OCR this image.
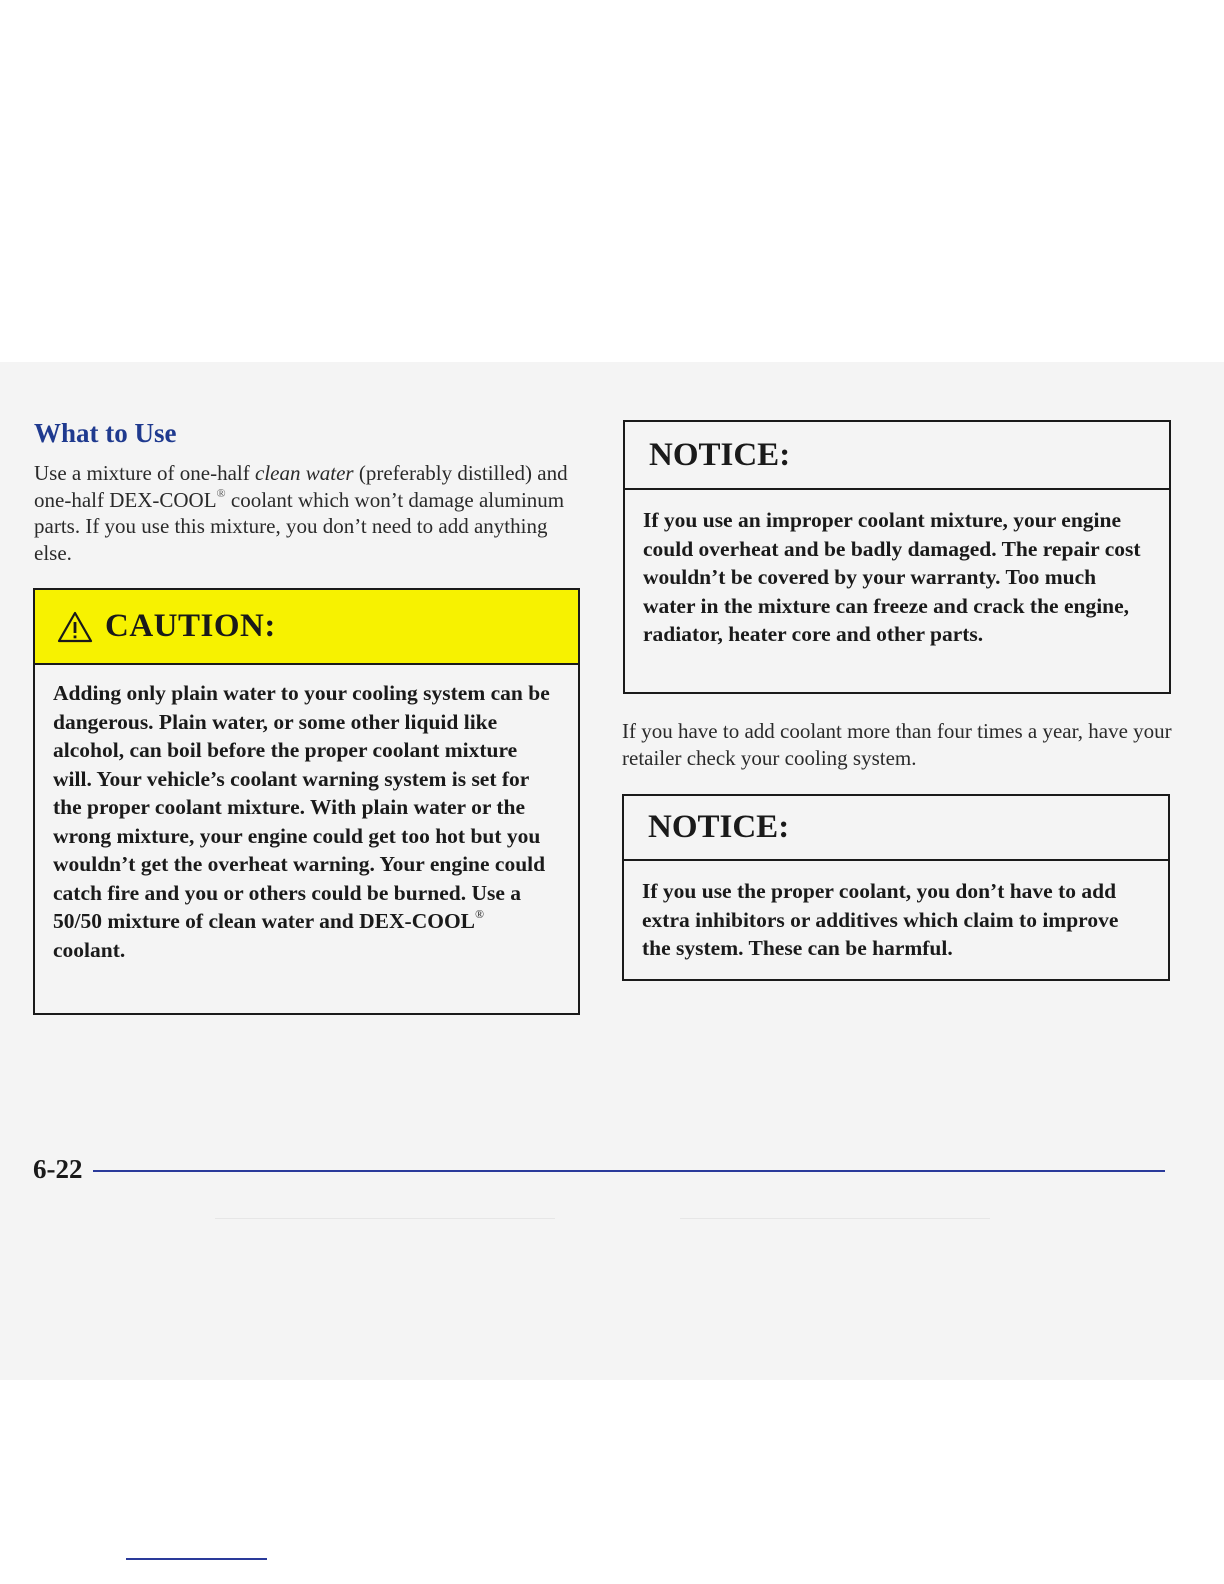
What to Use

Use a mixture of one-half clean water (preferably distilled) and one-half DEX-COOL® coolant which won’t damage aluminum parts. If you use this mixture, you don’t need to add anything else.

CAUTION:

Adding only plain water to your cooling system can be dangerous. Plain water, or some other liquid like alcohol, can boil before the proper coolant mixture will. Your vehicle’s coolant warning system is set for the proper coolant mixture. With plain water or the wrong mixture, your engine could get too hot but you wouldn’t get the overheat warning. Your engine could catch fire and you or others could be burned. Use a 50/50 mixture of clean water and DEX-COOL® coolant.

NOTICE:

If you use an improper coolant mixture, your engine could overheat and be badly damaged. The repair cost wouldn’t be covered by your warranty. Too much water in the mixture can freeze and crack the engine, radiator, heater core and other parts.

If you have to add coolant more than four times a year, have your retailer check your cooling system.

NOTICE:

If you use the proper coolant, you don’t have to add extra inhibitors or additives which claim to improve the system. These can be harmful.

6-22
